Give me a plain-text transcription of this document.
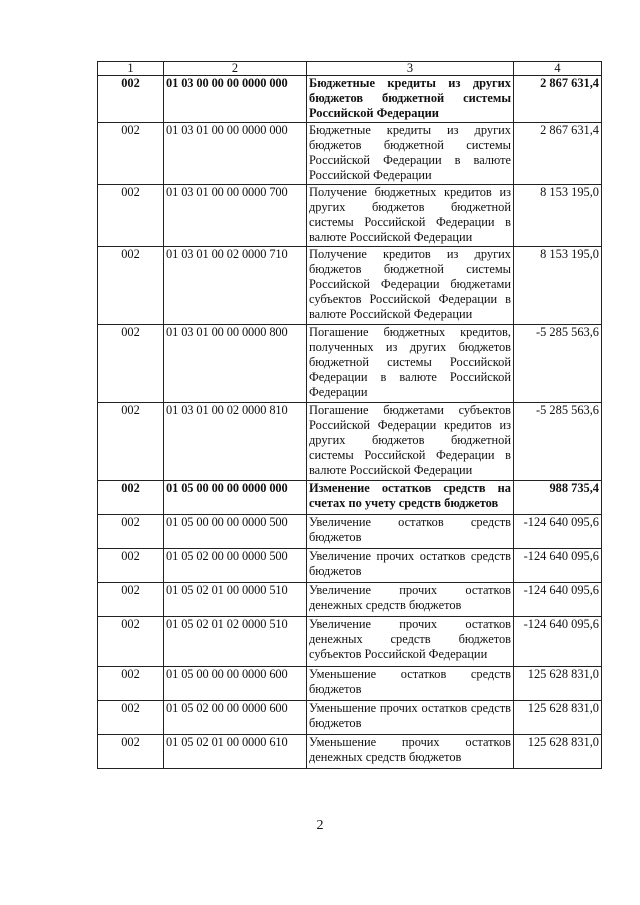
1	2	3	4
002	01 03 00 00 00 0000 000	Бюджетные кредиты из других бюджетов бюджетной системы Российской Федерации	2 867 631,4
002	01 03 01 00 00 0000 000	Бюджетные кредиты из других бюджетов бюджетной системы Российской Федерации в валюте Российской Федерации	2 867 631,4
002	01 03 01 00 00 0000 700	Получение бюджетных кредитов из других бюджетов бюджетной системы Российской Федерации в валюте Российской Федерации	8 153 195,0
002	01 03 01 00 02 0000 710	Получение кредитов из других бюджетов бюджетной системы Российской Федерации бюджетами субъектов Российской Федерации в валюте Российской Федерации	8 153 195,0
002	01 03 01 00 00 0000 800	Погашение бюджетных кредитов, полученных из других бюджетов бюджетной системы Российской Федерации в валюте Российской Федерации	-5 285 563,6
002	01 03 01 00 02 0000 810	Погашение бюджетами субъектов Российской Федерации кредитов из других бюджетов бюджетной системы Российской Федерации в валюте Российской Федерации	-5 285 563,6
002	01 05 00 00 00 0000 000	Изменение остатков средств на счетах по учету средств бюджетов	988 735,4
002	01 05 00 00 00 0000 500	Увеличение остатков средств бюджетов	-124 640 095,6
002	01 05 02 00 00 0000 500	Увеличение прочих остатков средств бюджетов	-124 640 095,6
002	01 05 02 01 00 0000 510	Увеличение прочих остатков денежных средств бюджетов	-124 640 095,6
002	01 05 02 01 02 0000 510	Увеличение прочих остатков денежных средств бюджетов субъектов Российской Федерации	-124 640 095,6
002	01 05 00 00 00 0000 600	Уменьшение остатков средств бюджетов	125 628 831,0
002	01 05 02 00 00 0000 600	Уменьшение прочих остатков средств бюджетов	125 628 831,0
002	01 05 02 01 00 0000 610	Уменьшение прочих остатков денежных средств бюджетов	125 628 831,0
2
